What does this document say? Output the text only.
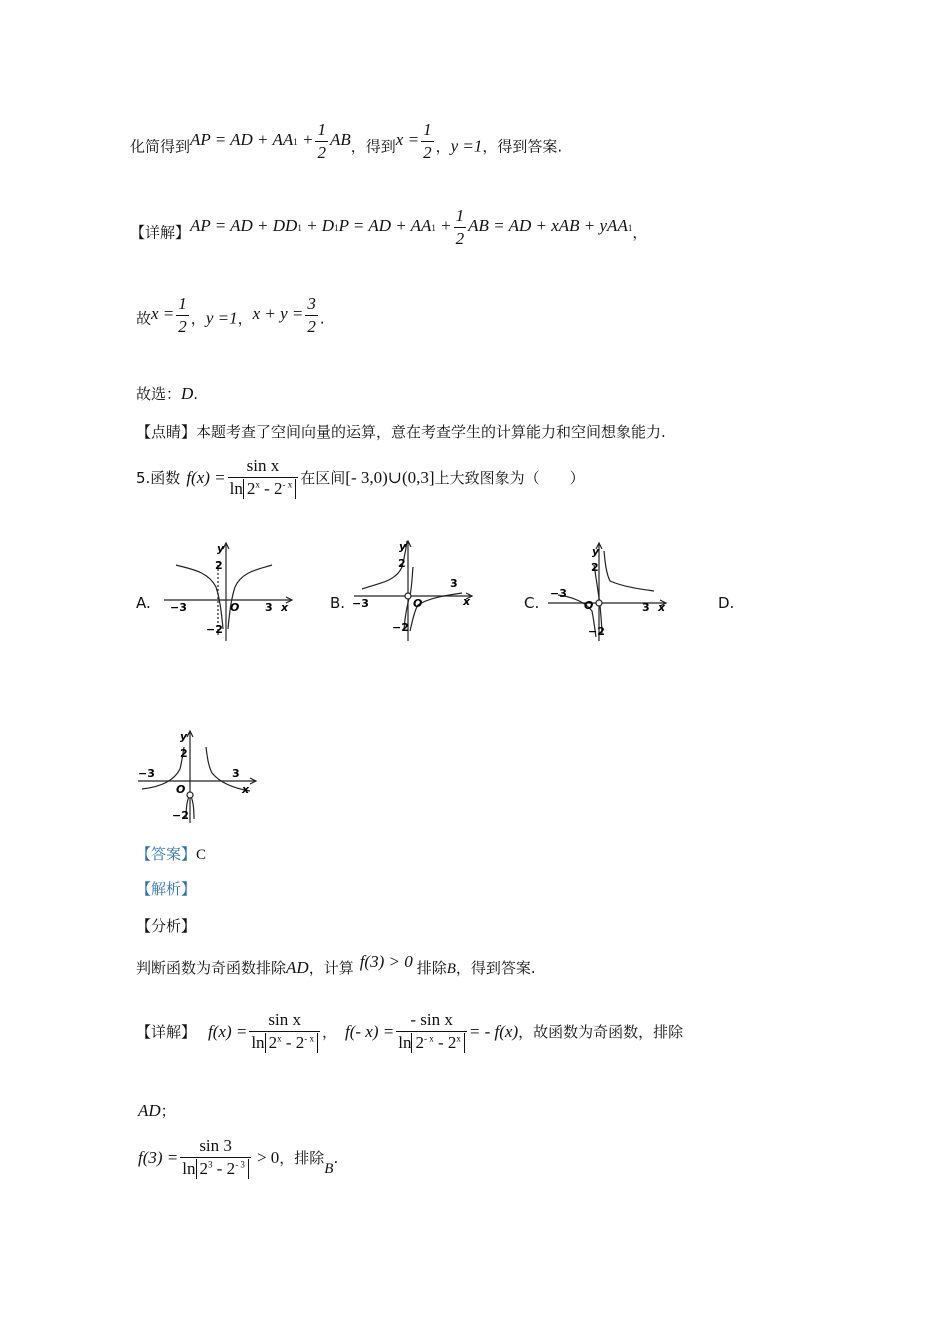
化简得到AP = AD + $AA1 + \frac{1}{2}$ AB，得到$x = \frac{1}{2}$ ，y =1，得到答案.
【详解】AP = AD + DD1 + D1P = AD + $AA1 + \frac{1}{2}$ AB = AD + xAB + yAA1，
故$x = \frac{1}{2}$ ，y =1，$x + y = \frac{3}{2}$ .
故选：D.
【点睛】本题考查了空间向量的运算，意在考查学生的计算能力和空间想象能力.
5.函数 $f(x) = \frac{\text{sin x}}{\ln 2^x - 2^{- x}}$ 在区间 [- 3,0)∪(0,3] 上大致图象为（　　）
A.	B.	C.	D.
y
2
−3	O 3 x
−2
y
2
−3	O
3
x
−2
y
2
−3
O	3 x
−2
y
2
−3
O
3
x
−2
【答案】C
【解析】
【分析】
判断函数为奇函数排除AD，计算 f(3) > 0 排除B，得到答案.
【详解】 $f(x) = \frac{\text{sin x}}{\ln 2^x - 2^{- x}}$ ， f(- $x) = \frac{\text{- sin x}}{\ln 2^{- x} - 2^x}$ = - f(x) ，故函数为奇函数，排除
AD；
$f(3) = \frac{\sin 3}{\ln 2^3 - 2^{- 3}} > 0$ ，排除
B
.
